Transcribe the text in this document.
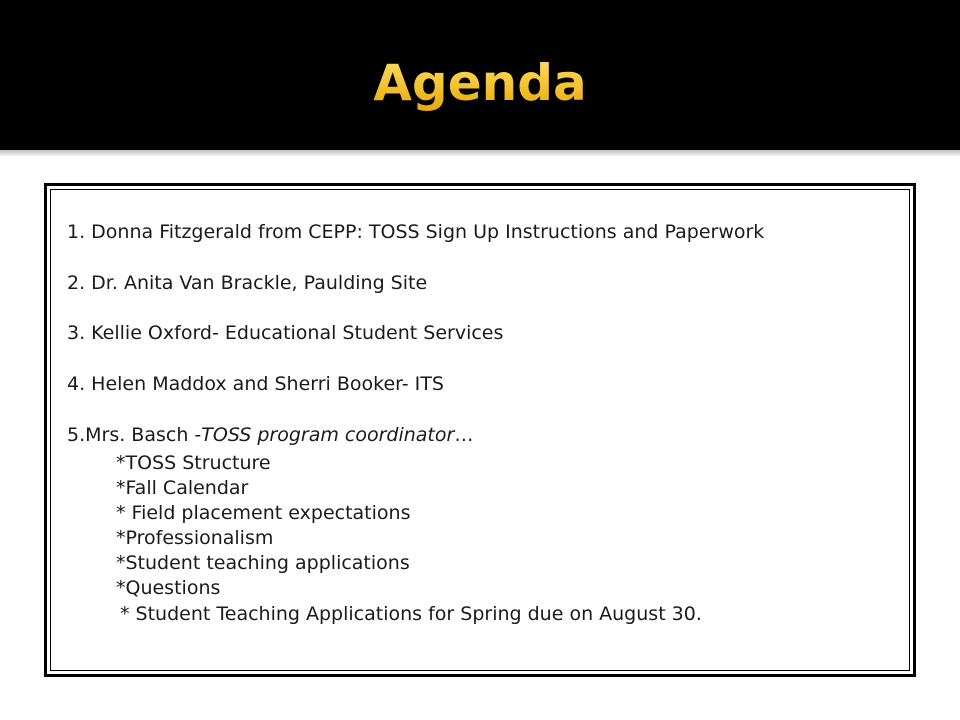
Agenda
1. Donna Fitzgerald from CEPP: TOSS Sign Up Instructions and Paperwork
2. Dr. Anita Van Brackle, Paulding Site
3. Kellie Oxford- Educational Student Services
4. Helen Maddox and Sherri Booker- ITS
5.Mrs. Basch -TOSS program coordinator…
*TOSS Structure
*Fall Calendar
* Field placement expectations
*Professionalism
*Student teaching applications
*Questions
* Student Teaching Applications for Spring due on August 30.
